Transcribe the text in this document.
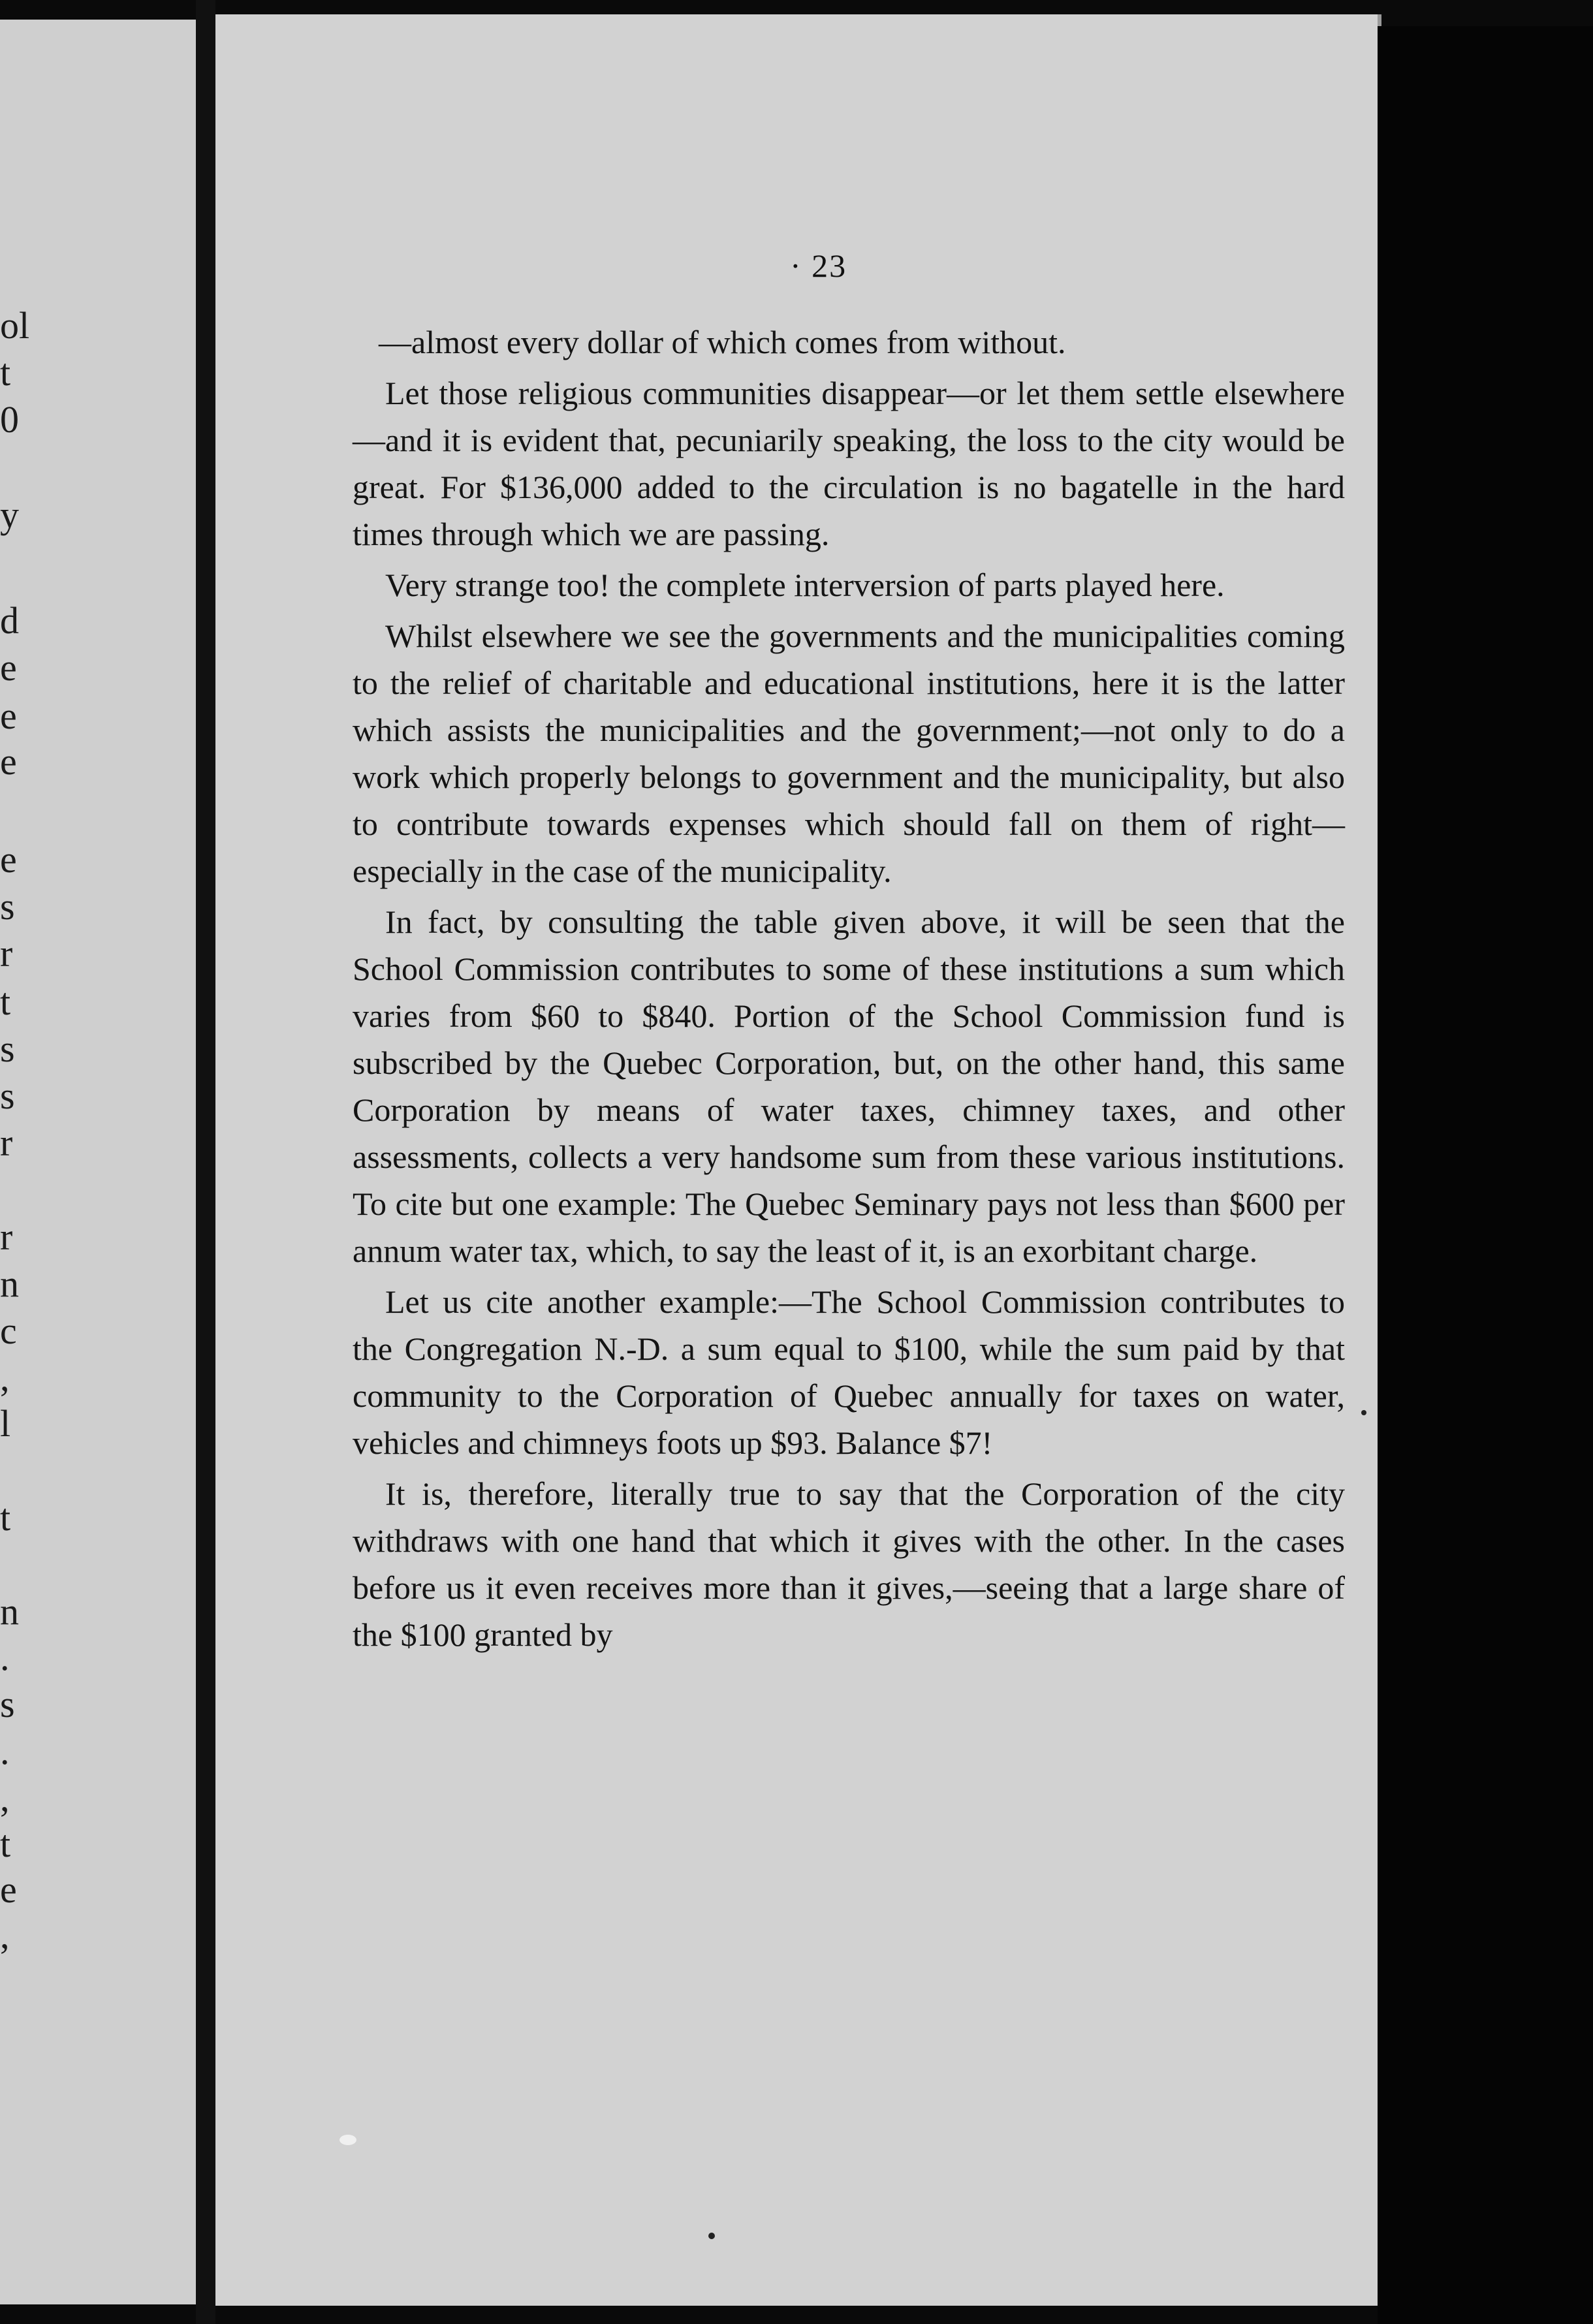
ol
t
0
y
d
e
e
e
e
s
r
t
s
s
r
r
n
c
,
l
t
n
.
s
.
,
t
e
,
· 23

—almost every dollar of which comes from without.

Let those religious communities disappear—or let them settle elsewhere—and it is evident that, pecuniarily speaking, the loss to the city would be great. For $136,000 added to the circulation is no bagatelle in the hard times through which we are passing.

Very strange too! the complete interversion of parts played here.

Whilst elsewhere we see the governments and the municipalities coming to the relief of charitable and educational institutions, here it is the latter which assists the municipalities and the government;—not only to do a work which properly belongs to government and the municipality, but also to contribute towards expenses which should fall on them of right—especially in the case of the municipality.

In fact, by consulting the table given above, it will be seen that the School Commission contributes to some of these institutions a sum which varies from $60 to $840. Portion of the School Commission fund is subscribed by the Quebec Corporation, but, on the other hand, this same Corporation by means of water taxes, chimney taxes, and other assessments, collects a very handsome sum from these various institutions. To cite but one example: The Quebec Seminary pays not less than $600 per annum water tax, which, to say the least of it, is an exorbitant charge.

Let us cite another example:—The School Commission contributes to the Congregation N.-D. a sum equal to $100, while the sum paid by that community to the Corporation of Quebec annually for taxes on water, vehicles and chimneys foots up $93. Balance $7!

It is, therefore, literally true to say that the Corporation of the city withdraws with one hand that which it gives with the other. In the cases before us it even receives more than it gives,—seeing that a large share of the $100 granted by
